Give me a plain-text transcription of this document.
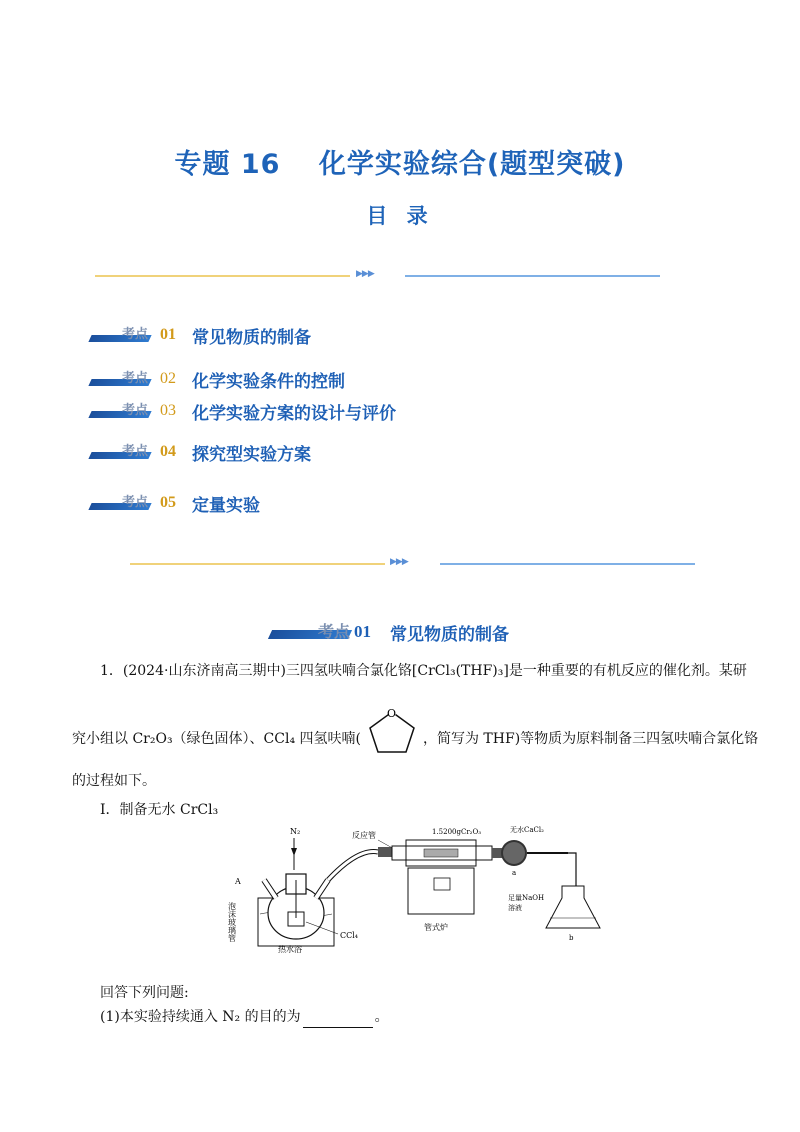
专题 16　 化学实验综合(题型突破)
目 录
▶▶▶
考点 01 常见物质的制备
考点 02 化学实验条件的控制
考点 03 化学实验方案的设计与评价
考点 04 探究型实验方案
考点 05 定量实验
▶▶▶
考点 01	常见物质的制备
1．(2024·山东济南高三期中)三四氢呋喃合氯化铬[CrCl₃(THF)₃]是一种重要的有机反应的催化剂。某研
究小组以 Cr₂O₃（绿色固体）、CCl₄ 四氢呋喃(
O
，简写为 THF)等物质为原料制备三四氢呋喃合氯化铬
的过程如下。
Ⅰ．制备无水 CrCl₃
N₂
A
泡沫玻璃管	CCl₄
热水浴
反应管	1.5200gCr₂O₃
管式炉
无水CaCl₂
a
足量NaOH
溶液
b
回答下列问题:
(1)本实验持续通入 N₂ 的目的为	。
